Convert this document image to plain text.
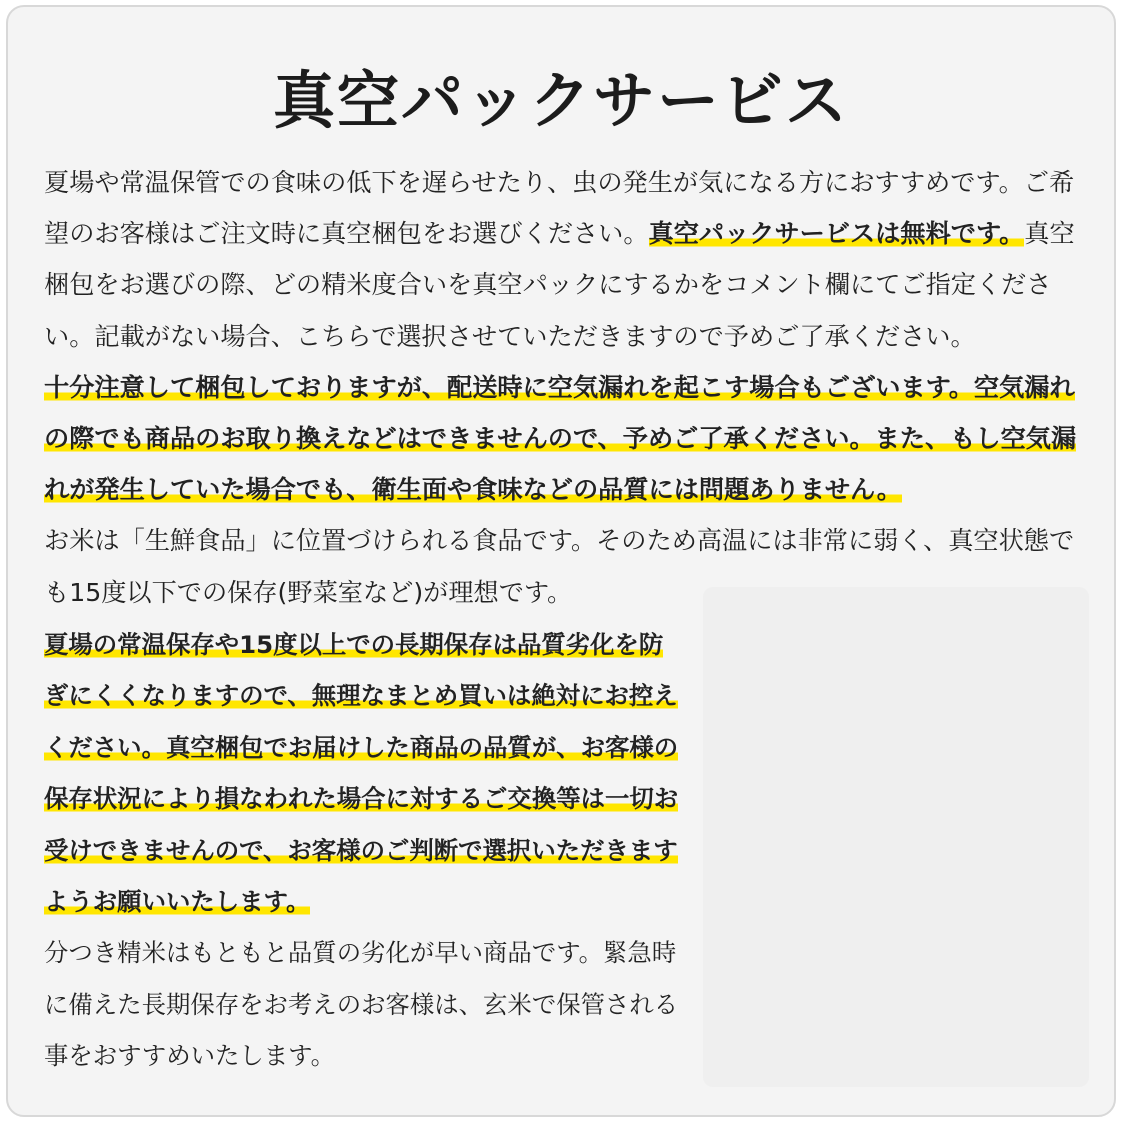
真空パックサービス

夏場や常温保管での食味の低下を遅らせたり、虫の発生が気になる方におすすめです。ご希望のお客様はご注文時に真空梱包をお選びください。真空パックサービスは無料です。真空梱包をお選びの際、どの精米度合いを真空パックにするかをコメント欄にてご指定ください。記載がない場合、こちらで選択させていただきますので予めご了承ください。

十分注意して梱包しておりますが、配送時に空気漏れを起こす場合もございます。空気漏れの際でも商品のお取り換えなどはできませんので、予めご了承ください。また、もし空気漏れが発生していた場合でも、衛生面や食味などの品質には問題ありません。

お米は「生鮮食品」に位置づけられる食品です。そのため高温には非常に弱く、真空状態でも15度以下での保存(野菜室など)が理想です。

夏場の常温保存や15度以上での長期保存は品質劣化を防ぎにくくなりますので、無理なまとめ買いは絶対にお控えください。真空梱包でお届けした商品の品質が、お客様の保存状況により損なわれた場合に対するご交換等は一切お受けできませんので、お客様のご判断で選択いただきますようお願いいたします。

分つき精米はもともと品質の劣化が早い商品です。緊急時に備えた長期保存をお考えのお客様は、玄米で保管される事をおすすめいたします。
